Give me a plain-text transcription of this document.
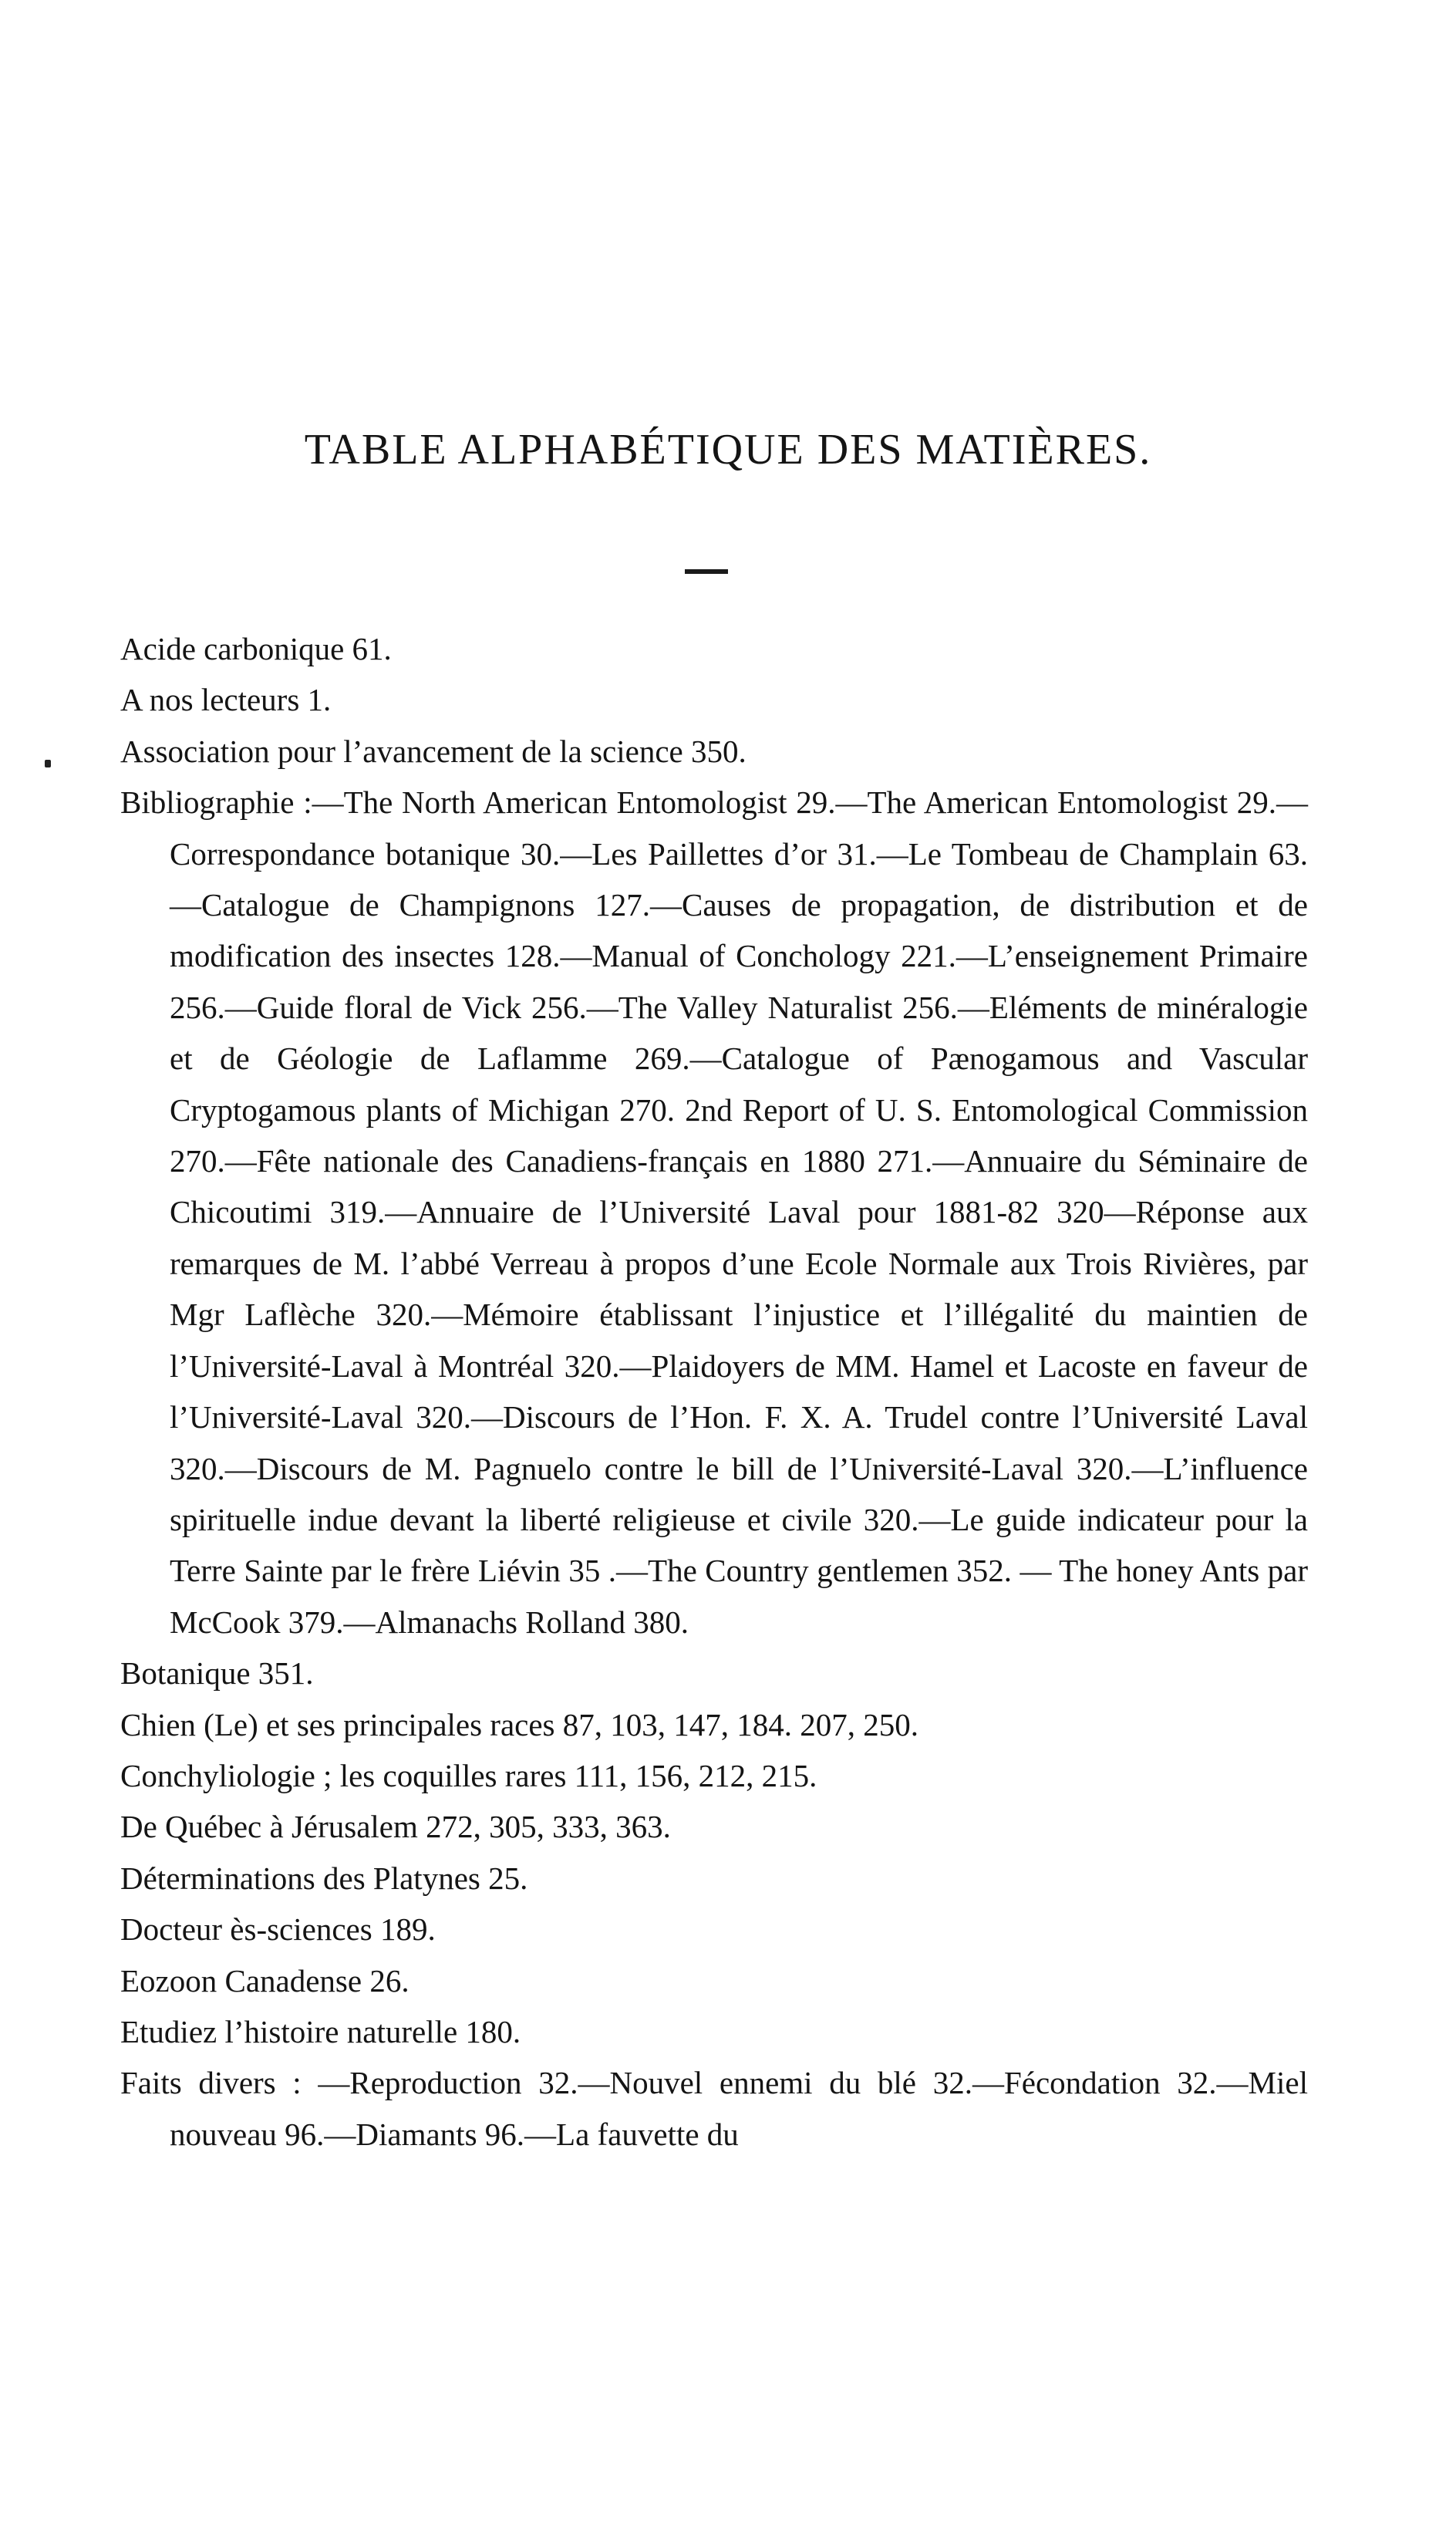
TABLE ALPHABÉTIQUE DES MATIÈRES.
Acide carbonique 61.
A nos lecteurs 1.
Association pour l’avancement de la science 350.
Bibliographie :—The North American Entomologist 29.—The American Entomologist 29.—Correspondance botanique 30.—Les Paillettes d’or 31.—Le Tombeau de Champlain 63.—Catalogue de Champignons 127.—Causes de propagation, de distribution et de modification des insectes 128.—Manual of Conchology 221.—L’enseignement Primaire 256.—Guide floral de Vick 256.—The Valley Naturalist 256.—Eléments de minéralogie et de Géologie de Laflamme 269.—Catalogue of Pænogamous and Vascular Cryptogamous plants of Michigan 270. 2nd Report of U. S. Entomological Commission 270.—Fête nationale des Canadiens-français en 1880 271.—Annuaire du Séminaire de Chicoutimi 319.—Annuaire de l’Université Laval pour 1881-82 320—Réponse aux remarques de M. l’abbé Verreau à propos d’une Ecole Normale aux Trois Rivières, par Mgr Laflèche 320.—Mémoire établissant l’injustice et l’illégalité du maintien de l’Université-Laval à Montréal 320.—Plaidoyers de MM. Hamel et Lacoste en faveur de l’Université-Laval 320.—Discours de l’Hon. F. X. A. Trudel contre l’Université Laval 320.—Discours de M. Pagnuelo contre le bill de l’Université-Laval 320.—L’influence spirituelle indue devant la liberté religieuse et civile 320.—Le guide indicateur pour la Terre Sainte par le frère Liévin 35 .—The Country gentlemen 352. — The honey Ants par McCook 379.—Almanachs Rolland 380.
Botanique 351.
Chien (Le) et ses principales races 87, 103, 147, 184. 207, 250.
Conchyliologie ; les coquilles rares 111, 156, 212, 215.
De Québec à Jérusalem 272, 305, 333, 363.
Déterminations des Platynes 25.
Docteur ès-sciences 189.
Eozoon Canadense 26.
Etudiez l’histoire naturelle 180.
Faits divers : —Reproduction 32.—Nouvel ennemi du blé 32.—Fécondation 32.—Miel nouveau 96.—Diamants 96.—La fauvette du
